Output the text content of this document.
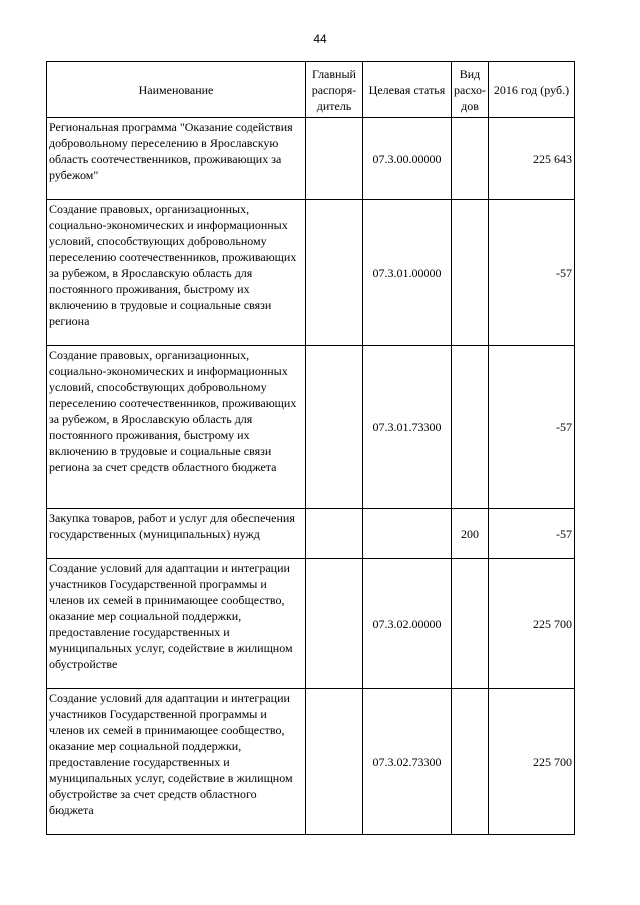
44
Наименование	Главный распоря-дитель	Целевая статья	Вид расхо-дов	2016 год (руб.)
Региональная программа "Оказание содействия добровольному переселению в Ярославскую область соотечественников, проживающих за рубежом"		07.3.00.00000		225 643
Создание правовых, организационных, социально-экономических и информационных условий, способствующих добровольному переселению соотечественников, проживающих за рубежом, в Ярославскую область для постоянного проживания, быстрому их включению в трудовые и социальные связи региона		07.3.01.00000		-57
Создание правовых, организационных, социально-экономических и информационных условий, способствующих добровольному переселению соотечественников, проживающих за рубежом, в Ярославскую область для постоянного проживания, быстрому их включению в трудовые и социальные связи региона за счет средств областного бюджета		07.3.01.73300		-57
Закупка товаров, работ и услуг для обеспечения государственных (муниципальных) нужд			200	-57
Создание условий для адаптации и интеграции участников Государственной программы и членов их семей в принимающее сообщество, оказание мер социальной поддержки, предоставление государственных и муниципальных услуг, содействие в жилищном обустройстве		07.3.02.00000		225 700
Создание условий для адаптации и интеграции участников Государственной программы и членов их семей в принимающее сообщество, оказание мер социальной поддержки, предоставление государственных и муниципальных услуг, содействие в жилищном обустройстве за счет средств областного бюджета		07.3.02.73300		225 700
